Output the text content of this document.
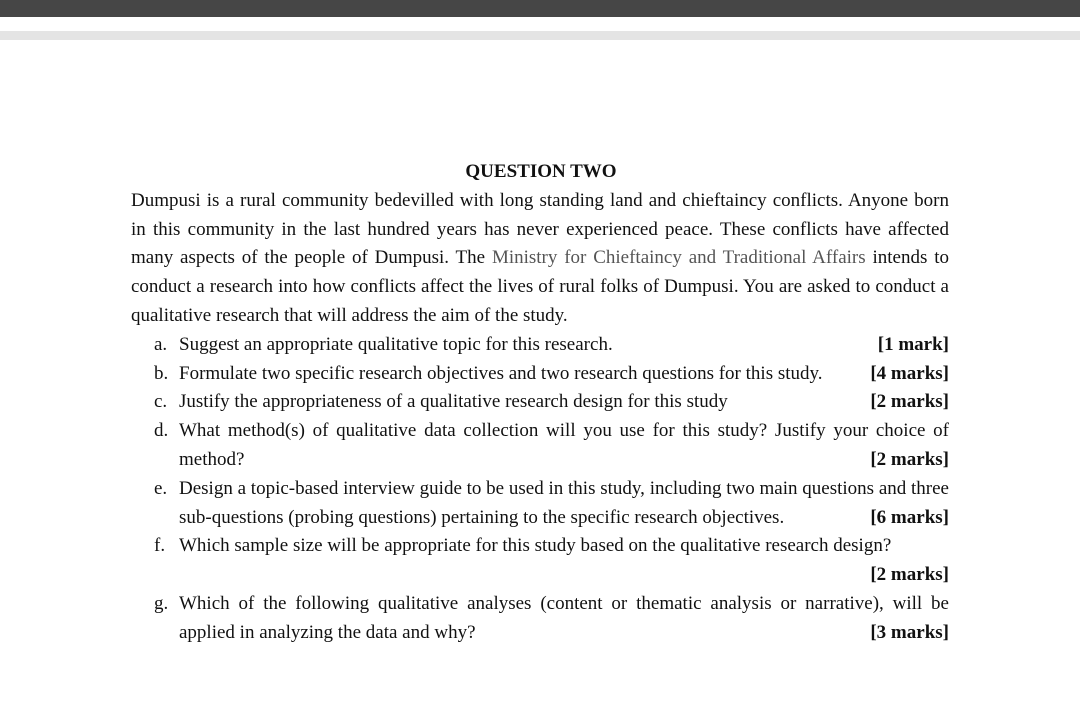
QUESTION TWO

Dumpusi is a rural community bedevilled with long standing land and chieftaincy conflicts. Anyone born in this community in the last hundred years has never experienced peace. These conflicts have affected many aspects of the people of Dumpusi. The Ministry for Chieftaincy and Traditional Affairs intends to conduct a research into how conflicts affect the lives of rural folks of Dumpusi. You are asked to conduct a qualitative research that will address the aim of the study.

a.	[1 mark]
Suggest an appropriate qualitative topic for this research.
b. Formulate two specific research objectives and two research questions for this study.	[4 marks]
c.	[2 marks]
Justify the appropriateness of a qualitative research design for this study
d. What method(s) of qualitative data collection will you use for this study? Justify your choice of method?	[2 marks]
e. Design a topic-based interview guide to be used in this study, including two main questions and three sub-questions (probing questions) pertaining to the specific research objectives.	[6 marks]
f. Which sample size will be appropriate for this study based on the qualitative research design?
[2 marks]
g. Which of the following qualitative analyses (content or thematic analysis or narrative), will be applied in analyzing the data and why?	[3 marks]
